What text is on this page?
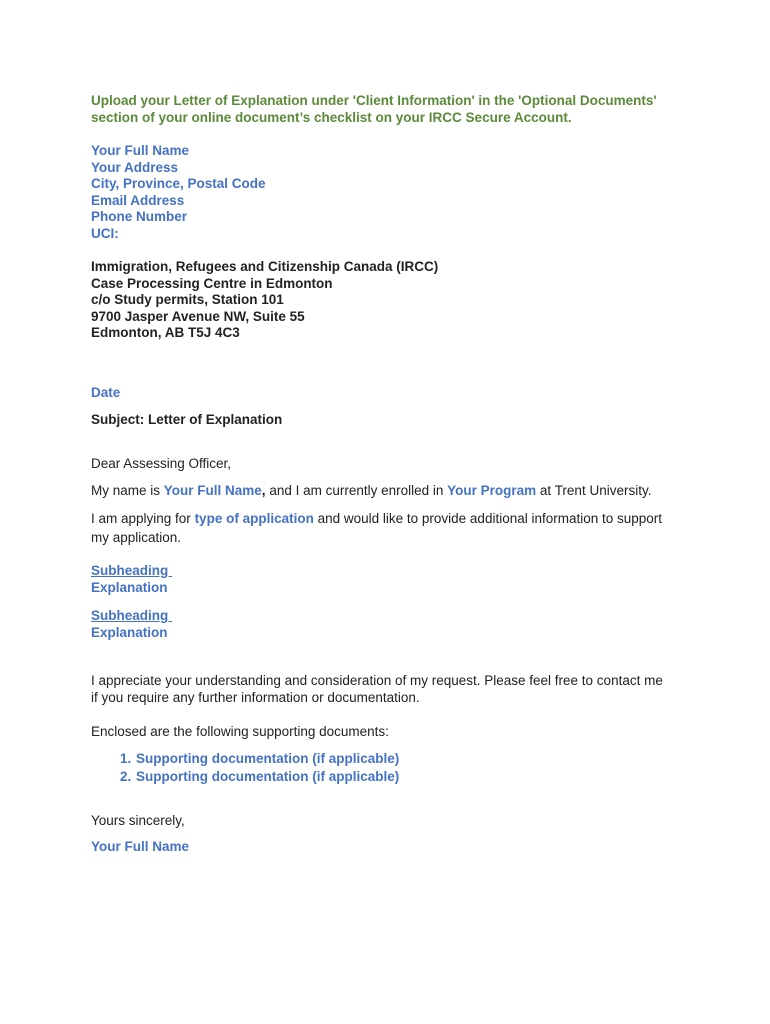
Upload your Letter of Explanation under 'Client Information' in the 'Optional Documents'
section of your online document’s checklist on your IRCC Secure Account.
Your Full Name
Your Address
City, Province, Postal Code
Email Address
Phone Number
UCI:
Immigration, Refugees and Citizenship Canada (IRCC)
Case Processing Centre in Edmonton
c/o Study permits, Station 101
9700 Jasper Avenue NW, Suite 55
Edmonton, AB T5J 4C3
Date
Subject: Letter of Explanation
Dear Assessing Officer,
My name is Your Full Name, and I am currently enrolled in Your Program at Trent University.
I am applying for type of application and would like to provide additional information to support
my application.
Subheading
Explanation
Subheading
Explanation
I appreciate your understanding and consideration of my request. Please feel free to contact me
if you require any further information or documentation.
Enclosed are the following supporting documents:
1. Supporting documentation (if applicable)
2. Supporting documentation (if applicable)
Yours sincerely,
Your Full Name
